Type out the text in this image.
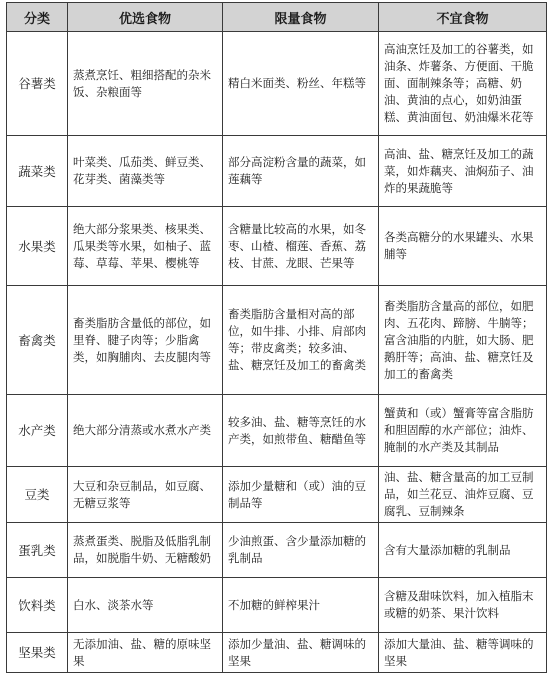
分类	优选食物	限量食物	不宜食物
谷薯类	蒸煮烹饪、粗细搭配的杂米饭、杂粮面等	精白米面类、粉丝、年糕等	高油烹饪及加工的谷薯类，如油条、炸薯条、方便面、干脆面、面制辣条等；高糖、奶油、黄油的点心，如奶油蛋糕、黄油面包、奶油爆米花等
蔬菜类	叶菜类、瓜茄类、鲜豆类、花芽类、菌藻类等	部分高淀粉含量的蔬菜，如莲藕等	高油、盐、糖烹饪及加工的蔬菜，如炸藕夹、油焖茄子、油炸的果蔬脆等
水果类	绝大部分浆果类、核果类、瓜果类等水果，如柚子、蓝莓、草莓、苹果、樱桃等	含糖量比较高的水果，如冬枣、山楂、榴莲、香蕉、荔枝、甘蔗、龙眼、芒果等	各类高糖分的水果罐头、水果脯等
畜禽类	畜类脂肪含量低的部位，如里脊、腱子肉等；少脂禽类，如胸脯肉、去皮腿肉等	畜类脂肪含量相对高的部位，如牛排、小排、肩部肉等；带皮禽类；较多油、盐、糖烹饪及加工的畜禽类	畜类脂肪含量高的部位，如肥肉、五花肉、蹄膀、牛腩等；富含油脂的内脏，如大肠、肥鹅肝等；高油、盐、糖烹饪及加工的畜禽类
水产类	绝大部分清蒸或水煮水产类	较多油、盐、糖等烹饪的水产类，如煎带鱼、糖醋鱼等	蟹黄和（或）蟹膏等富含脂肪和胆固醇的水产部位；油炸、腌制的水产类及其制品
豆类	大豆和杂豆制品，如豆腐、无糖豆浆等	添加少量糖和（或）油的豆制品等	油、盐、糖含量高的加工豆制品，如兰花豆、油炸豆腐、豆腐乳、豆制辣条
蛋乳类	蒸煮蛋类、脱脂及低脂乳制品，如脱脂牛奶、无糖酸奶	少油煎蛋、含少量添加糖的乳制品	含有大量添加糖的乳制品
饮料类	白水、淡茶水等	不加糖的鲜榨果汁	含糖及甜味饮料，加入植脂末或糖的奶茶、果汁饮料
坚果类	无添加油、盐、糖的原味坚果	添加少量油、盐、糖调味的坚果	添加大量油、盐、糖等调味的坚果
